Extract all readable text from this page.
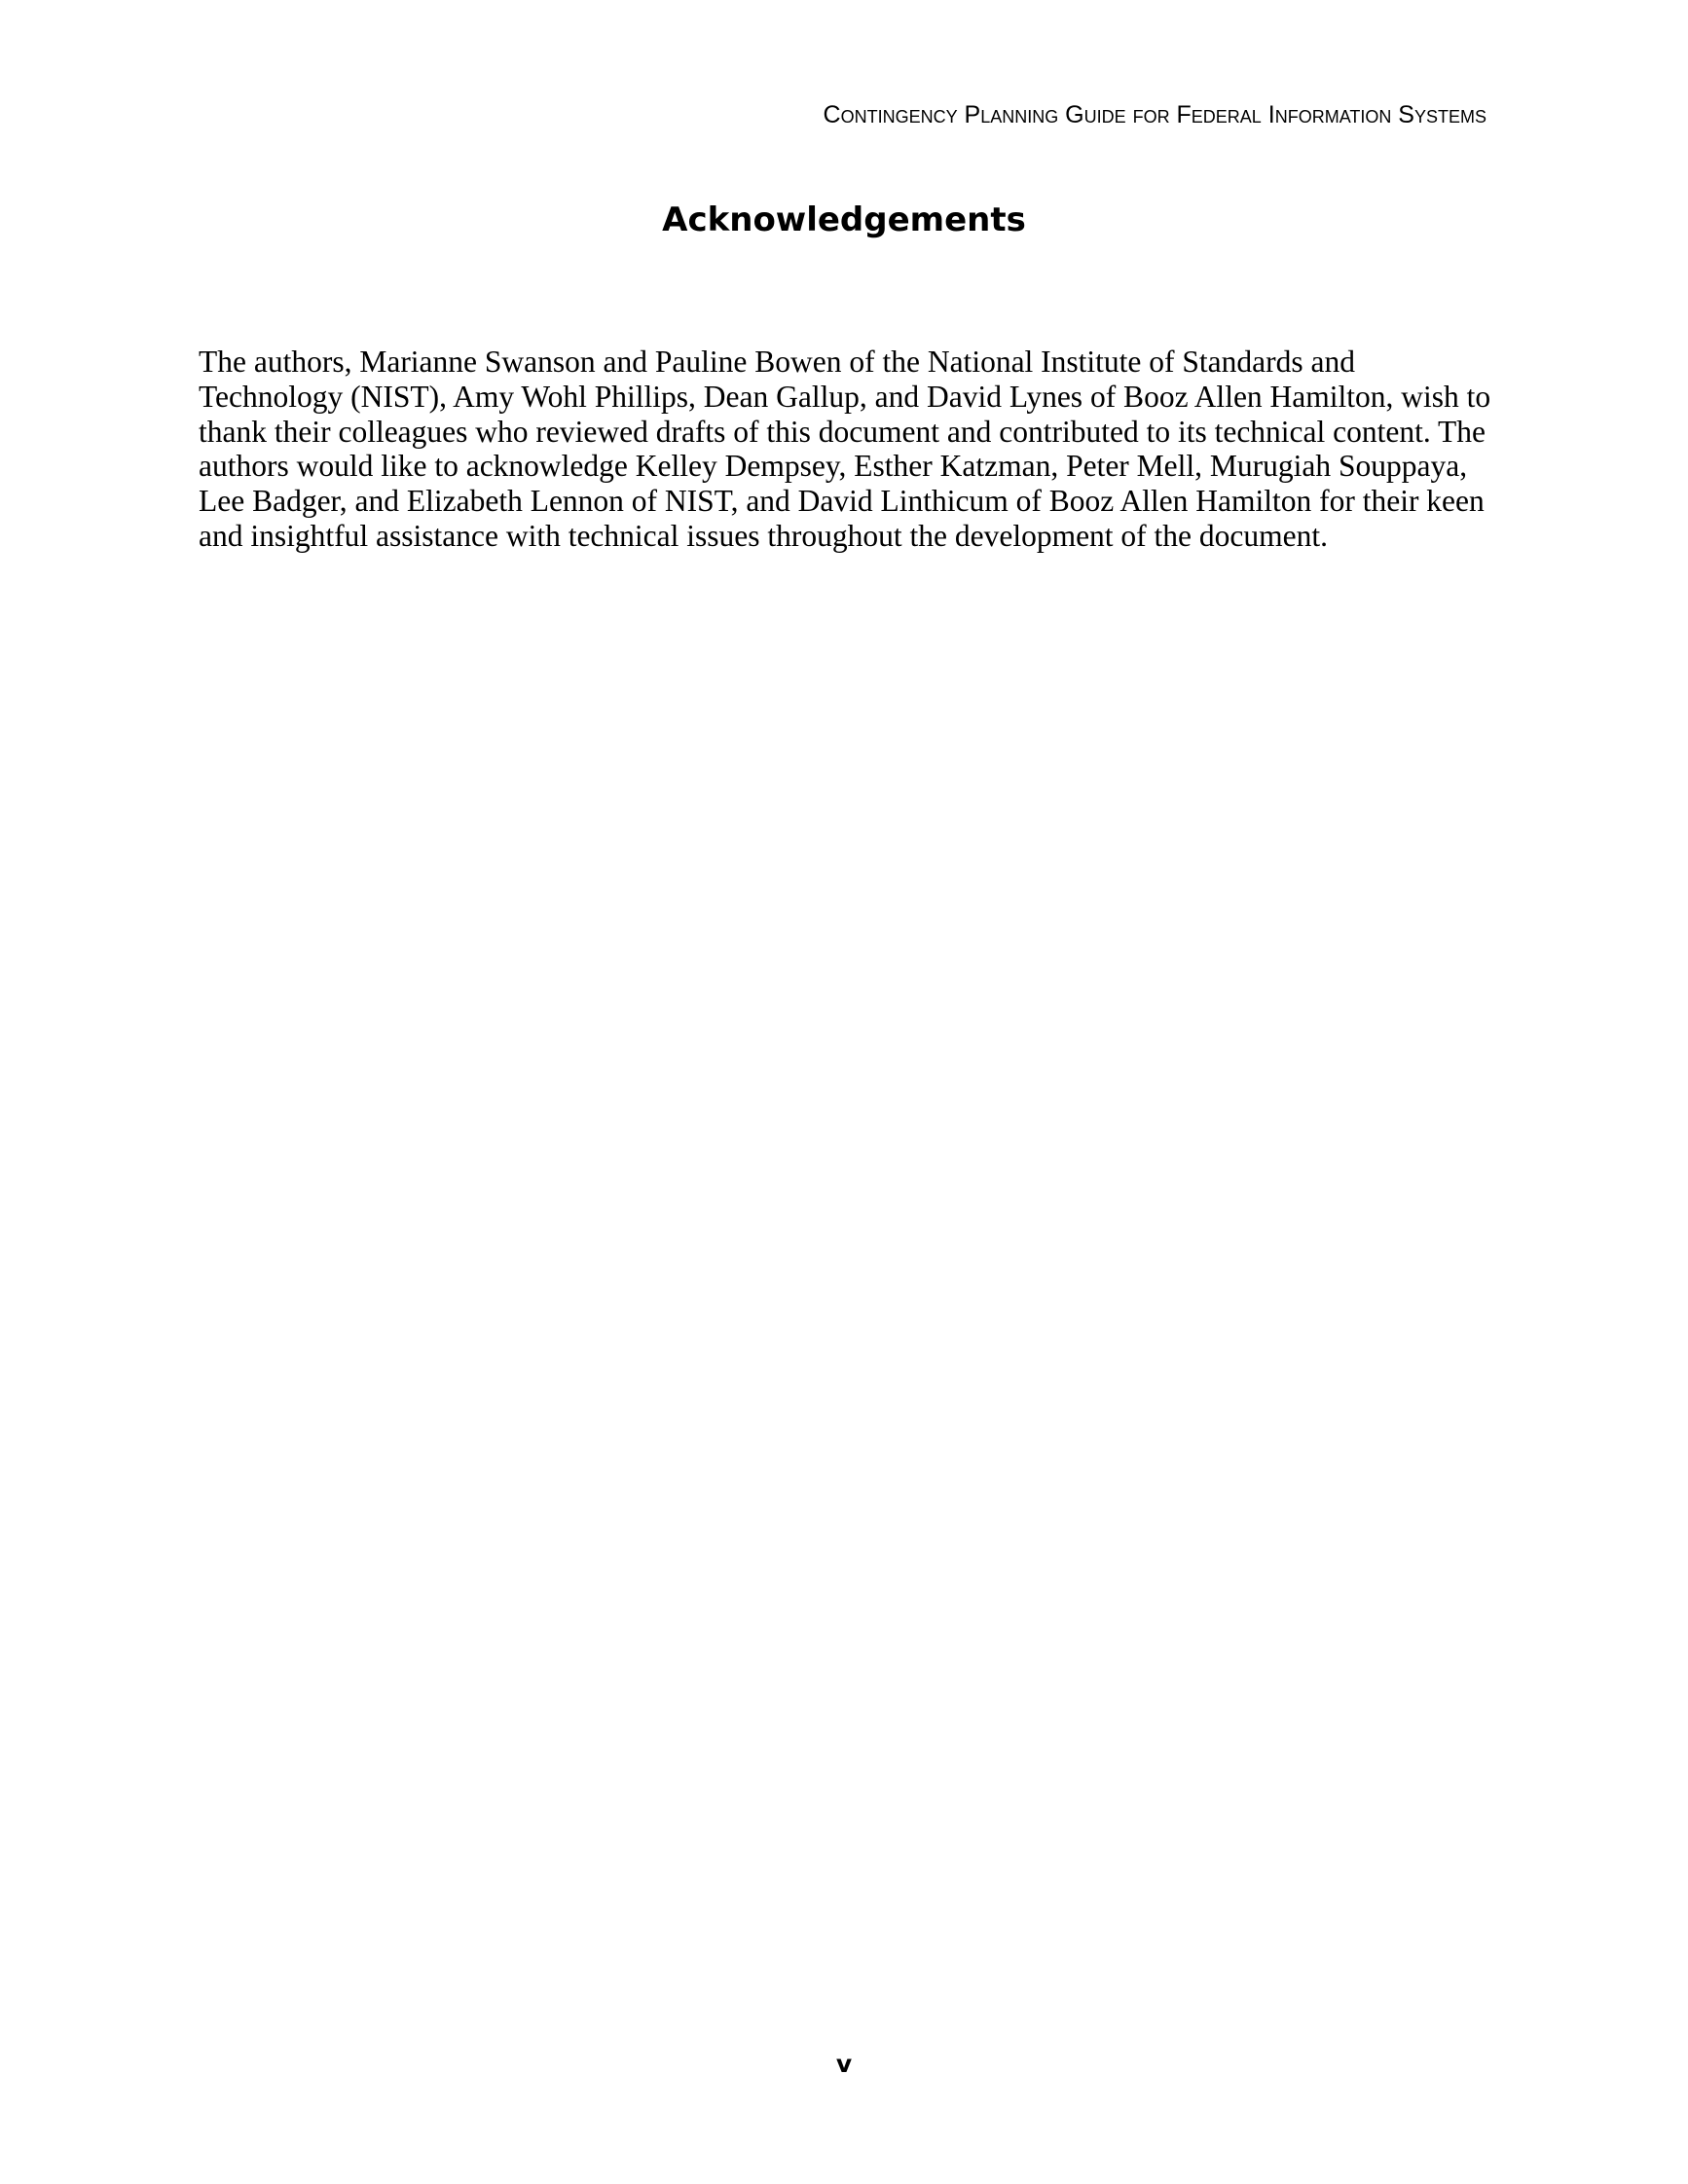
Contingency Planning Guide for Federal Information Systems
Acknowledgements

The authors, Marianne Swanson and Pauline Bowen of the National Institute of Standards and
Technology (NIST), Amy Wohl Phillips, Dean Gallup, and David Lynes of Booz Allen Hamilton, wish to
thank their colleagues who reviewed drafts of this document and contributed to its technical content. The
authors would like to acknowledge Kelley Dempsey, Esther Katzman, Peter Mell, Murugiah Souppaya,
Lee Badger, and Elizabeth Lennon of NIST, and David Linthicum of Booz Allen Hamilton for their keen
and insightful assistance with technical issues throughout the development of the document.

v
